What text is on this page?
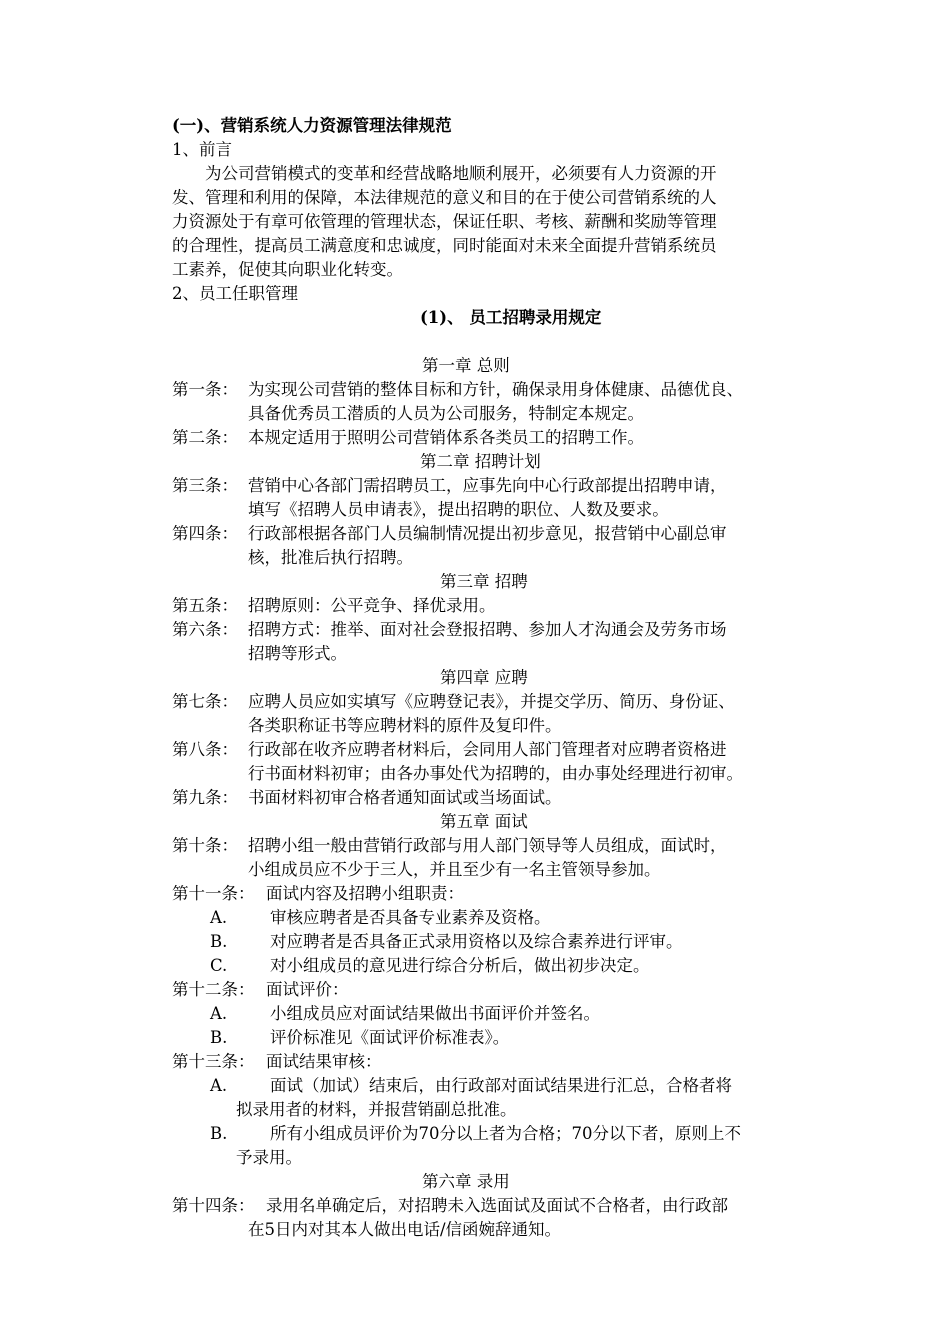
(一)、营销系统人力资源管理法律规范
1、前言
为公司营销模式的变革和经营战略地顺利展开，必须要有人力资源的开
发、管理和利用的保障，本法律规范的意义和目的在于使公司营销系统的人
力资源处于有章可依管理的管理状态，保证任职、考核、薪酬和奖励等管理
的合理性，提高员工满意度和忠诚度，同时能面对未来全面提升营销系统员
工素养，促使其向职业化转变。
2、员工任职管理
(1)、 员工招聘录用规定
第一章 总则
第一条： 为实现公司营销的整体目标和方针，确保录用身体健康、品德优良、
具备优秀员工潜质的人员为公司服务，特制定本规定。
第二条： 本规定适用于照明公司营销体系各类员工的招聘工作。
第二章 招聘计划
第三条： 营销中心各部门需招聘员工，应事先向中心行政部提出招聘申请，
填写《招聘人员申请表》，提出招聘的职位、人数及要求。
第四条： 行政部根据各部门人员编制情况提出初步意见，报营销中心副总审
核，批准后执行招聘。
第三章 招聘
第五条： 招聘原则：公平竞争、择优录用。
第六条： 招聘方式：推举、面对社会登报招聘、参加人才沟通会及劳务市场
招聘等形式。
第四章 应聘
第七条： 应聘人员应如实填写《应聘登记表》，并提交学历、简历、身份证、
各类职称证书等应聘材料的原件及复印件。
第八条： 行政部在收齐应聘者材料后，会同用人部门管理者对应聘者资格进
行书面材料初审；由各办事处代为招聘的，由办事处经理进行初审。
第九条： 书面材料初审合格者通知面试或当场面试。
第五章 面试
第十条： 招聘小组一般由营销行政部与用人部门领导等人员组成，面试时，
小组成员应不少于三人，并且至少有一名主管领导参加。
第十一条： 面试内容及招聘小组职责：
A.	审核应聘者是否具备专业素养及资格。
B.	对应聘者是否具备正式录用资格以及综合素养进行评审。
C.	对小组成员的意见进行综合分析后，做出初步决定。
第十二条： 面试评价：
A.	小组成员应对面试结果做出书面评价并签名。
B.	评价标准见《面试评价标准表》。
第十三条： 面试结果审核：
A.	面试（加试）结束后，由行政部对面试结果进行汇总，合格者将
拟录用者的材料，并报营销副总批准。
B.	所有小组成员评价为70分以上者为合格；70分以下者，原则上不
予录用。
第六章 录用
第十四条： 录用名单确定后，对招聘未入选面试及面试不合格者，由行政部
在5日内对其本人做出电话/信函婉辞通知。
